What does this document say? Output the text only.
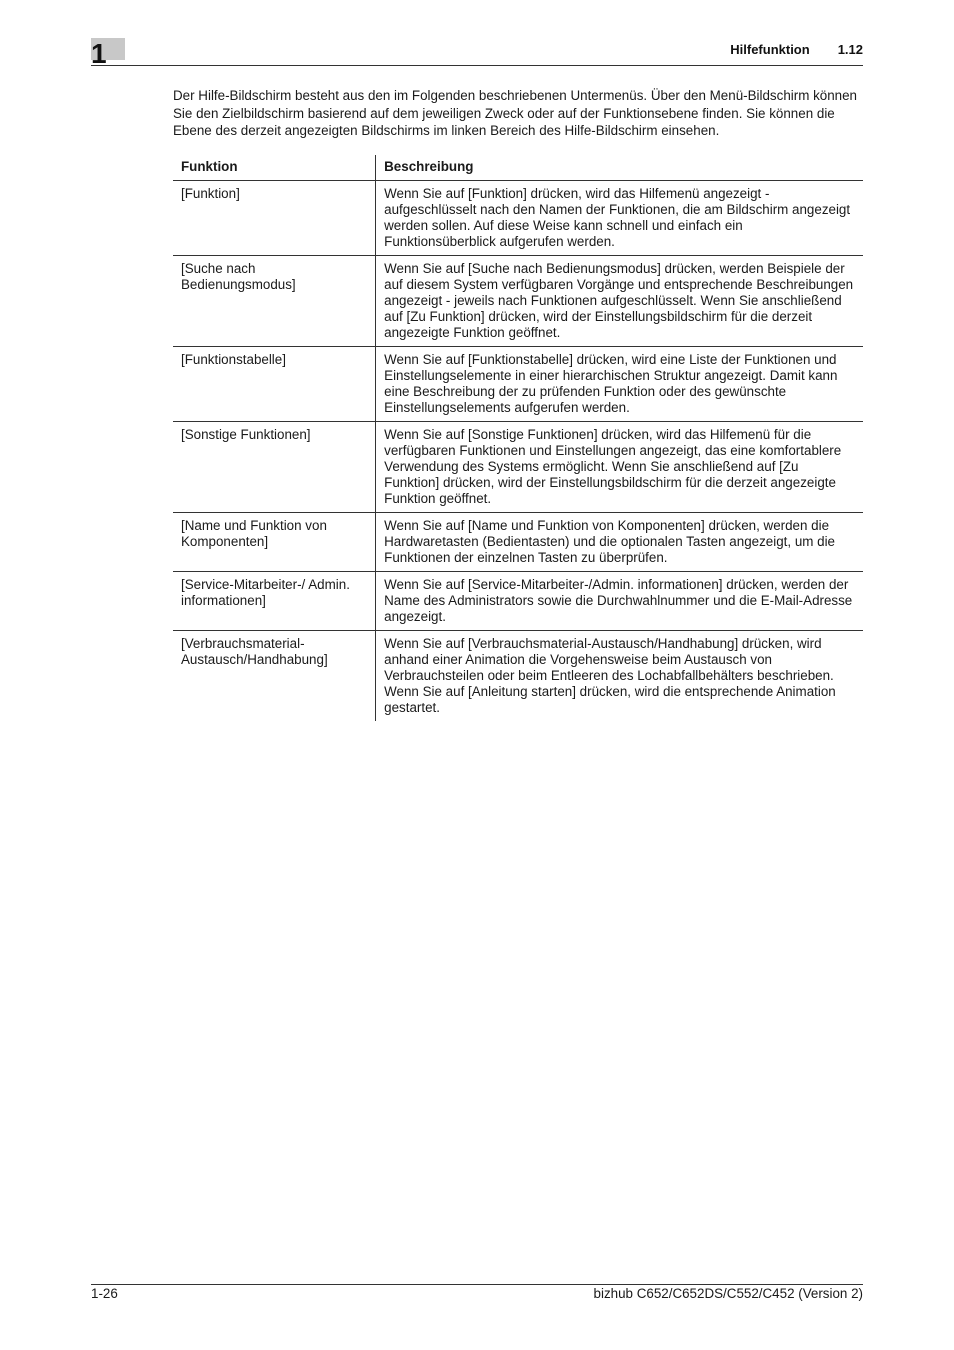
1	Hilfefunktion 1.12

Der Hilfe-Bildschirm besteht aus den im Folgenden beschriebenen Untermenüs. Über den Menü-Bildschirm können Sie den Zielbildschirm basierend auf dem jeweiligen Zweck oder auf der Funktionsebene finden. Sie können die Ebene des derzeit angezeigten Bildschirms im linken Bereich des Hilfe-Bildschirm einsehen.

Funktion	Beschreibung
[Funktion]	Wenn Sie auf [Funktion] drücken, wird das Hilfemenü angezeigt - aufgeschlüsselt nach den Namen der Funktionen, die am Bildschirm angezeigt werden sollen. Auf diese Weise kann schnell und einfach ein Funktionsüberblick aufgerufen werden.
[Suche nach Bedienungsmodus]	Wenn Sie auf [Suche nach Bedienungsmodus] drücken, werden Beispiele der auf diesem System verfügbaren Vorgänge und entsprechende Beschreibungen angezeigt - jeweils nach Funktionen aufgeschlüsselt. Wenn Sie anschließend auf [Zu Funktion] drücken, wird der Einstellungsbildschirm für die derzeit angezeigte Funktion geöffnet.
[Funktionstabelle]	Wenn Sie auf [Funktionstabelle] drücken, wird eine Liste der Funktionen und Einstellungselemente in einer hierarchischen Struktur angezeigt. Damit kann eine Beschreibung der zu prüfenden Funktion oder des gewünschte Einstellungselements aufgerufen werden.
[Sonstige Funktionen]	Wenn Sie auf [Sonstige Funktionen] drücken, wird das Hilfemenü für die verfügbaren Funktionen und Einstellungen angezeigt, das eine komfortablere Verwendung des Systems ermöglicht. Wenn Sie anschließend auf [Zu Funktion] drücken, wird der Einstellungsbildschirm für die derzeit angezeigte Funktion geöffnet.
[Name und Funktion von Komponenten]	Wenn Sie auf [Name und Funktion von Komponenten] drücken, werden die Hardwaretasten (Bedientasten) und die optionalen Tasten angezeigt, um die Funktionen der einzelnen Tasten zu überprüfen.
[Service-Mitarbeiter-/ Admin. informationen]	Wenn Sie auf [Service-Mitarbeiter-/Admin. informationen] drücken, werden der Name des Administrators sowie die Durchwahlnummer und die E-Mail-Adresse angezeigt.
[Verbrauchsmaterial-Austausch/Handhabung]	Wenn Sie auf [Verbrauchsmaterial-Austausch/Handhabung] drücken, wird anhand einer Animation die Vorgehensweise beim Austausch von Verbrauchsteilen oder beim Entleeren des Lochabfallbehälters beschrieben. Wenn Sie auf [Anleitung starten] drücken, wird die entsprechende Animation gestartet.
1-26	bizhub C652/C652DS/C552/C452 (Version 2)
